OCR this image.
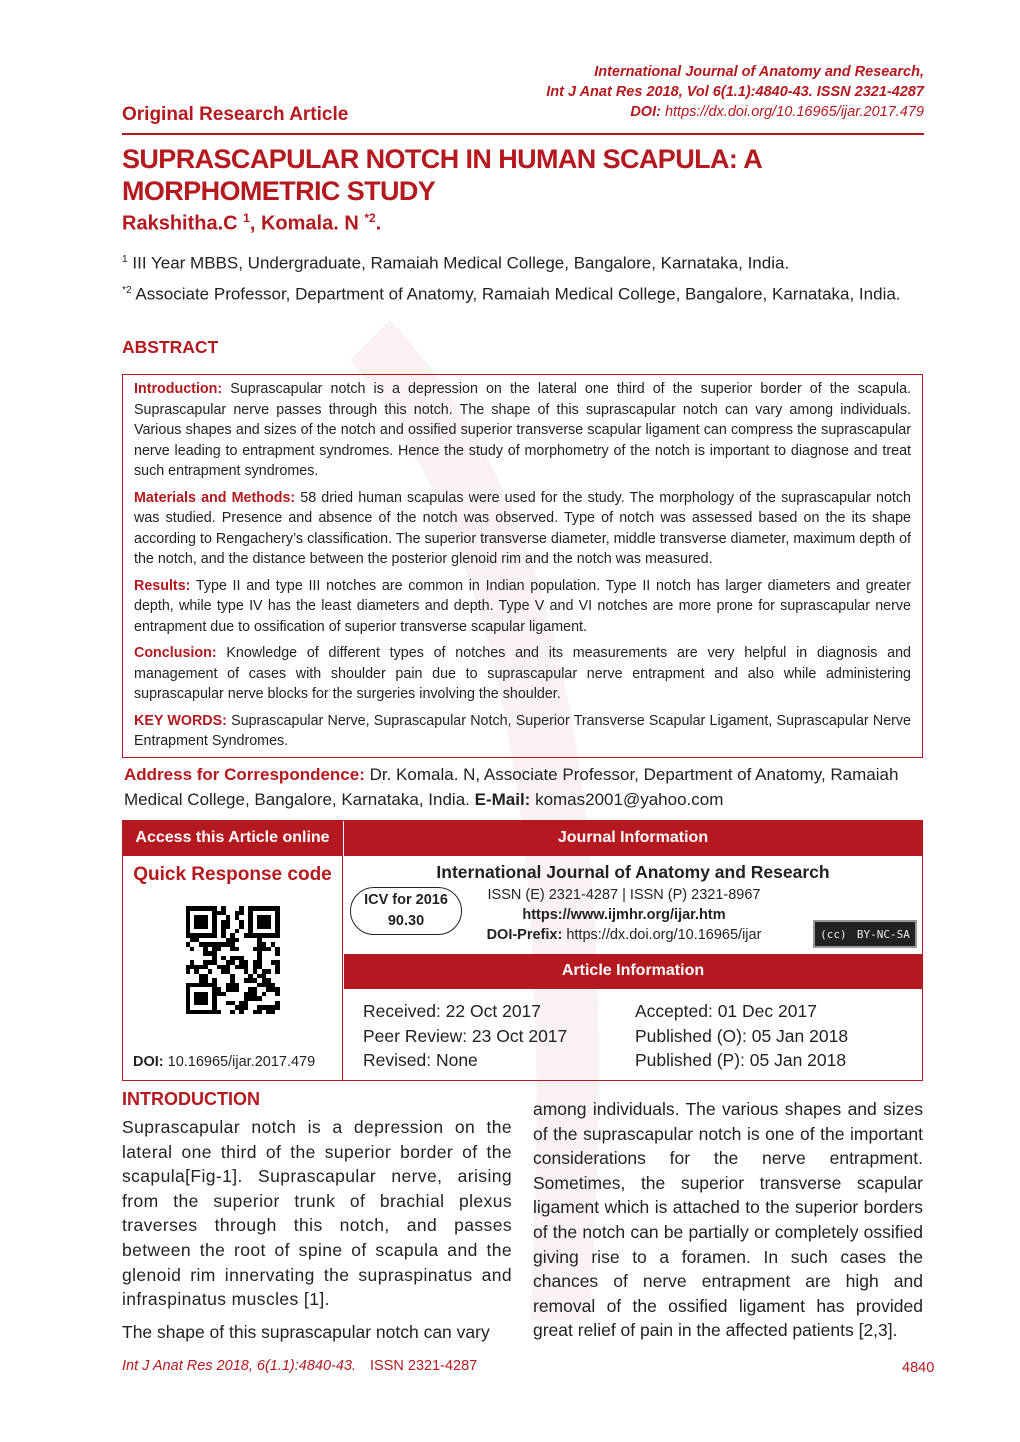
International Journal of Anatomy and Research,
Int J Anat Res 2018, Vol 6(1.1):4840-43. ISSN 2321-4287
DOI: https://dx.doi.org/10.16965/ijar.2017.479
Original Research Article
SUPRASCAPULAR NOTCH IN HUMAN SCAPULA: A MORPHOMETRIC STUDY
Rakshitha.C $^1$, Komala. N $^{*2}$.
$^1$ III Year MBBS, Undergraduate, Ramaiah Medical College, Bangalore, Karnataka, India.
$^{*2}$ Associate Professor, Department of Anatomy, Ramaiah Medical College, Bangalore, Karnataka, India.
ABSTRACT

Introduction: Suprascapular notch is a depression on the lateral one third of the superior border of the scapula. Suprascapular nerve passes through this notch. The shape of this suprascapular notch can vary among individuals. Various shapes and sizes of the notch and ossified superior transverse scapular ligament can compress the suprascapular nerve leading to entrapment syndromes. Hence the study of morphometry of the notch is important to diagnose and treat such entrapment syndromes.

Materials and Methods: 58 dried human scapulas were used for the study. The morphology of the suprascapular notch was studied. Presence and absence of the notch was observed. Type of notch was assessed based on the its shape according to Rengachery’s classification. The superior transverse diameter, middle transverse diameter, maximum depth of the notch, and the distance between the posterior glenoid rim and the notch was measured.

Results: Type II and type III notches are common in Indian population. Type II notch has larger diameters and greater depth, while type IV has the least diameters and depth. Type V and VI notches are more prone for suprascapular nerve entrapment due to ossification of superior transverse scapular ligament.

Conclusion: Knowledge of different types of notches and its measurements are very helpful in diagnosis and management of cases with shoulder pain due to suprascapular nerve entrapment and also while administering suprascapular nerve blocks for the surgeries involving the shoulder.

KEY WORDS: Suprascapular Nerve, Suprascapular Notch, Superior Transverse Scapular Ligament, Suprascapular Nerve Entrapment Syndromes.

Address for Correspondence: Dr. Komala. N, Associate Professor, Department of Anatomy, Ramaiah Medical College, Bangalore, Karnataka, India. E-Mail: komas2001@yahoo.com
Access this Article online
Quick Response code
DOI: 10.16965/ijar.2017.479
Journal Information
International Journal of Anatomy and Research
ICV for 2016
90.30
ISSN (E) 2321-4287 | ISSN (P) 2321-8967
https://www.ijmhr.org/ijar.htm
DOI-Prefix: https://dx.doi.org/10.16965/ijar	(cc) BY-NC-SA
Article Information
Received: 22 Oct 2017	Accepted: 01 Dec 2017
Peer Review: 23 Oct 2017	Published (O): 05 Jan 2018
Revised: None	Published (P): 05 Jan 2018
INTRODUCTION

Suprascapular notch is a depression on the lateral one third of the superior border of the scapula[Fig-1]. Suprascapular nerve, arising from the superior trunk of brachial plexus traverses through this notch, and passes between the root of spine of scapula and the glenoid rim innervating the supraspinatus and infraspinatus muscles [1].

The shape of this suprascapular notch can vary

among individuals. The various shapes and sizes of the suprascapular notch is one of the important considerations for the nerve entrapment. Sometimes, the superior transverse scapular ligament which is attached to the superior borders of the notch can be partially or completely ossified giving rise to a foramen. In such cases the chances of nerve entrapment are high and removal of the ossified ligament has provided great relief of pain in the affected patients [2,3].

Int J Anat Res 2018, 6(1.1):4840-43. ISSN 2321-4287	4840
